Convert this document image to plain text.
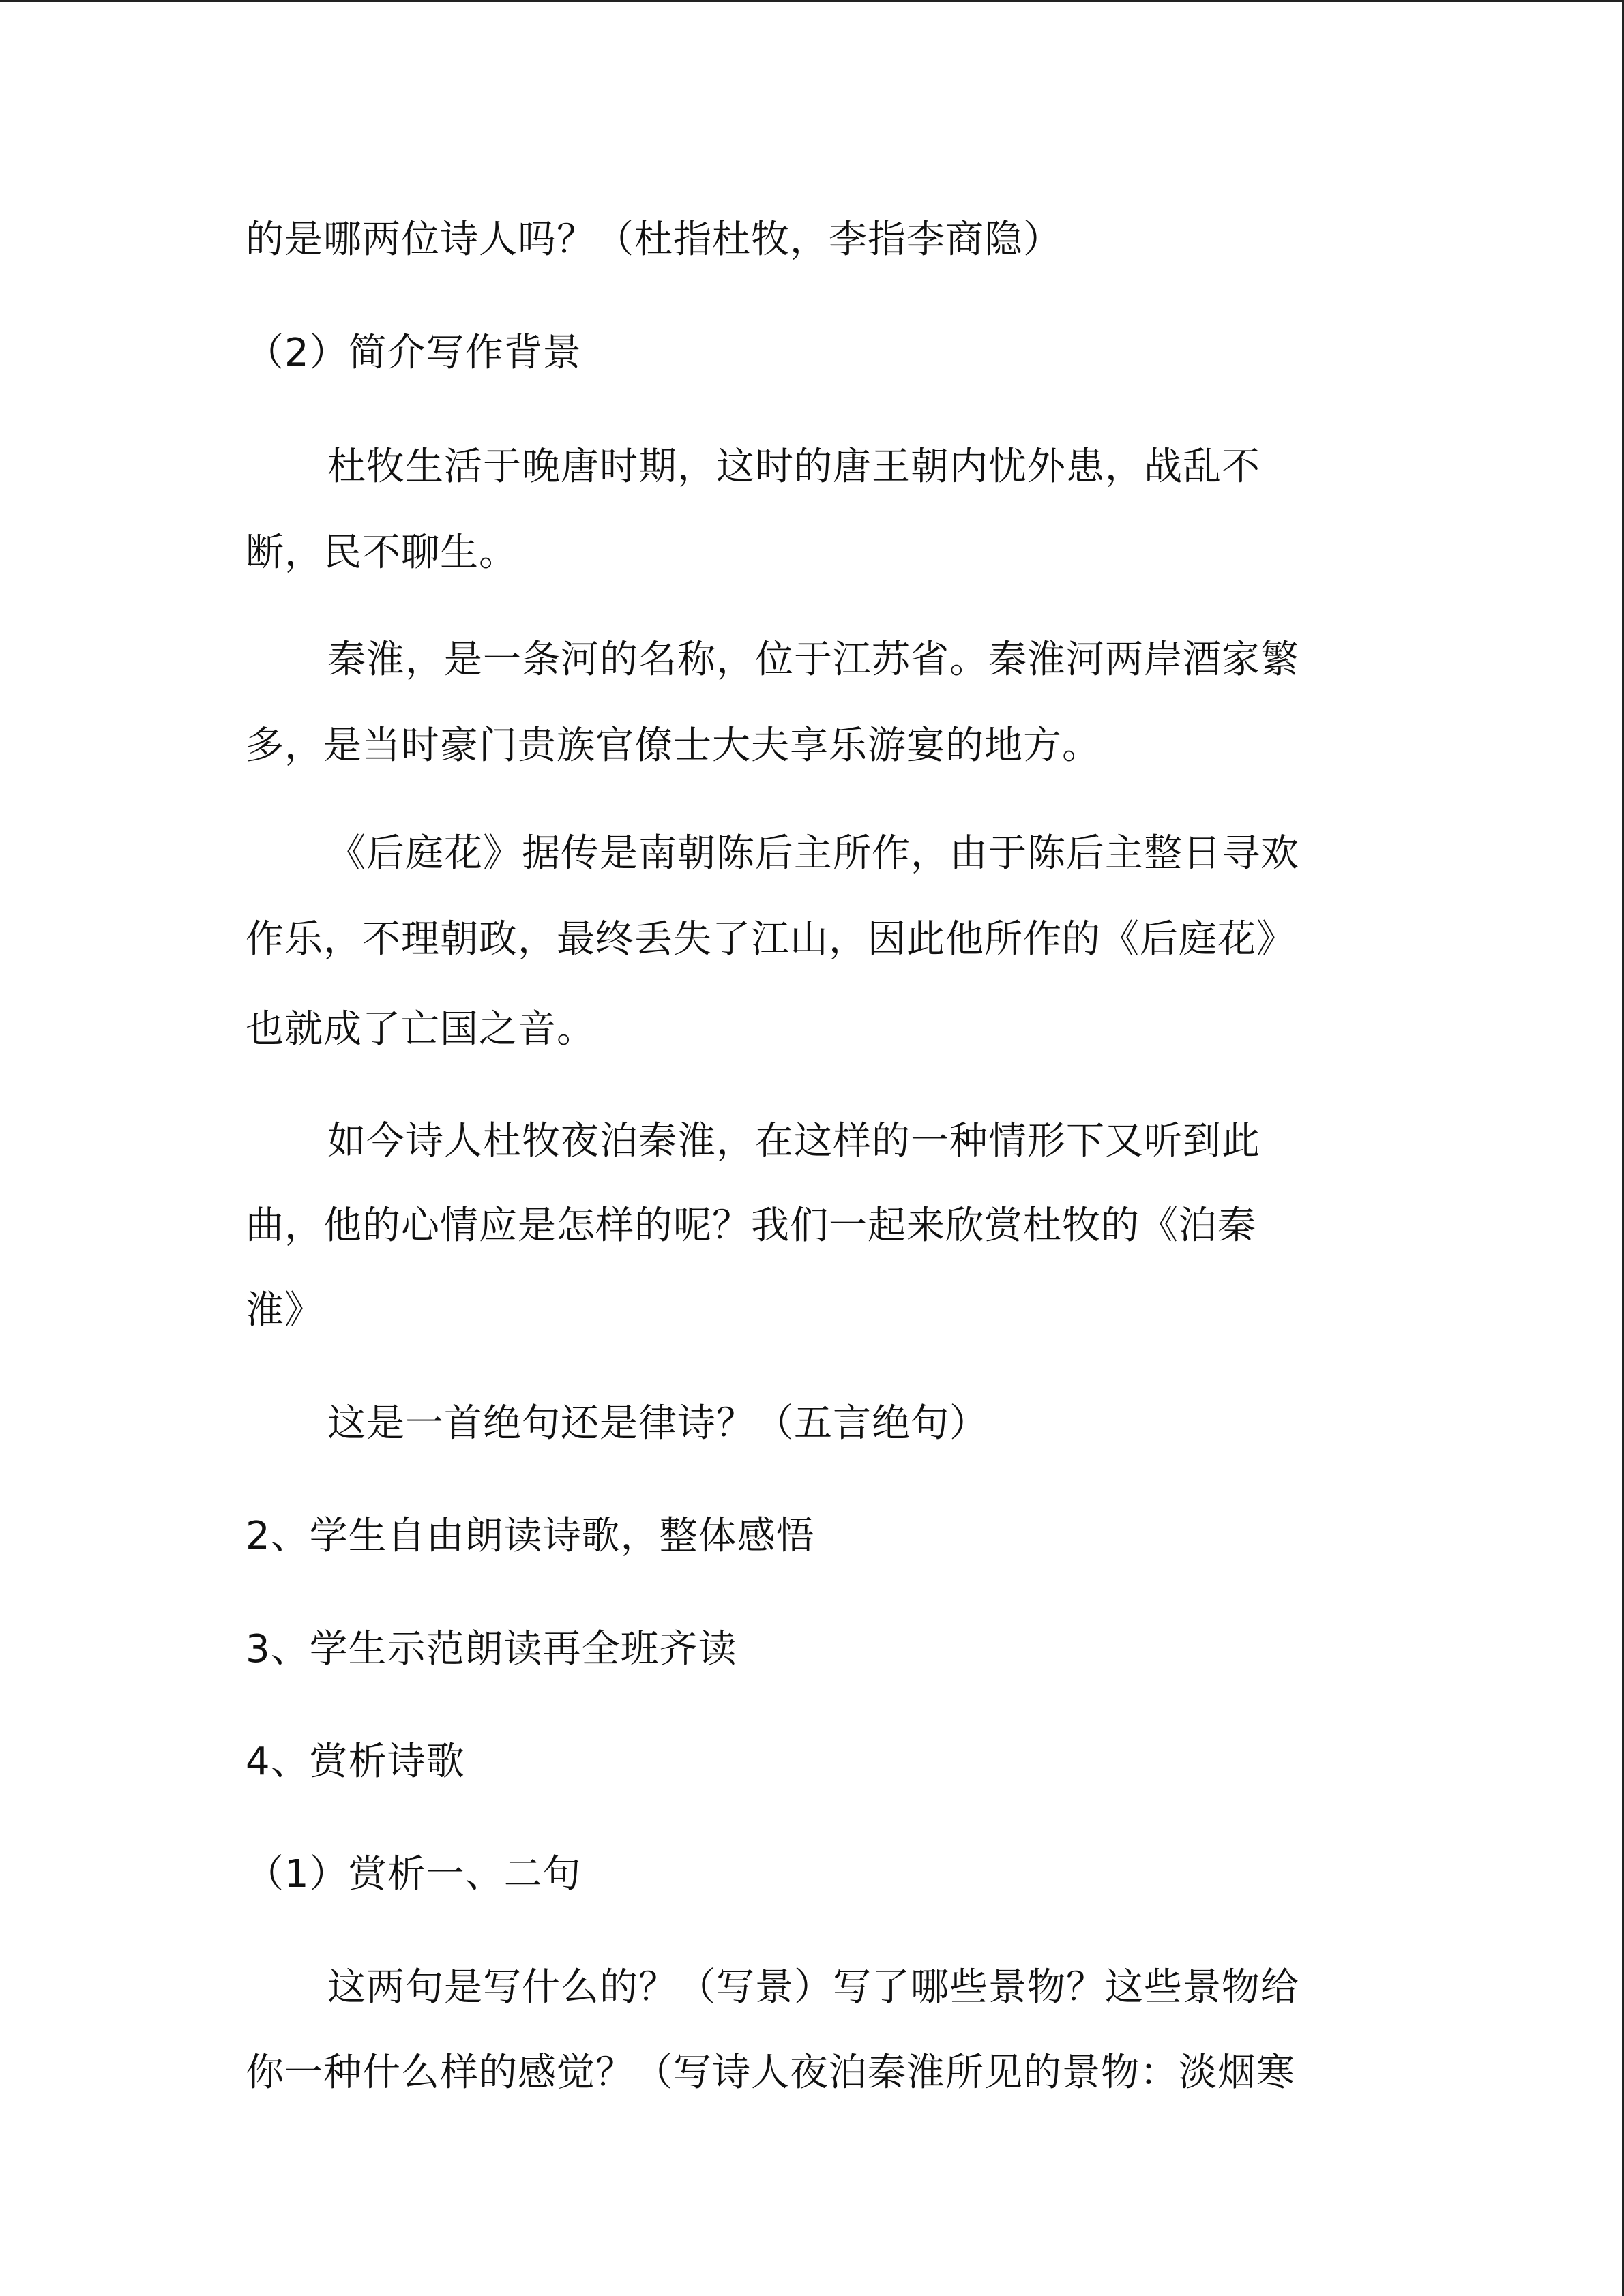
的是哪两位诗人吗？（杜指杜牧，李指李商隐）
（2）简介写作背景
杜牧生活于晚唐时期，这时的唐王朝内忧外患，战乱不
断，民不聊生。
秦淮，是一条河的名称，位于江苏省。秦淮河两岸酒家繁
多，是当时豪门贵族官僚士大夫享乐游宴的地方。
《后庭花》据传是南朝陈后主所作，由于陈后主整日寻欢
作乐，不理朝政，最终丢失了江山，因此他所作的《后庭花》
也就成了亡国之音。
如今诗人杜牧夜泊秦淮，在这样的一种情形下又听到此
曲，他的心情应是怎样的呢？我们一起来欣赏杜牧的《泊秦
淮》
这是一首绝句还是律诗？（五言绝句）
2、学生自由朗读诗歌，整体感悟
3、学生示范朗读再全班齐读
4、赏析诗歌
（1）赏析一、二句
这两句是写什么的？（写景）写了哪些景物？这些景物给
你一种什么样的感觉？（写诗人夜泊秦淮所见的景物：淡烟寒
